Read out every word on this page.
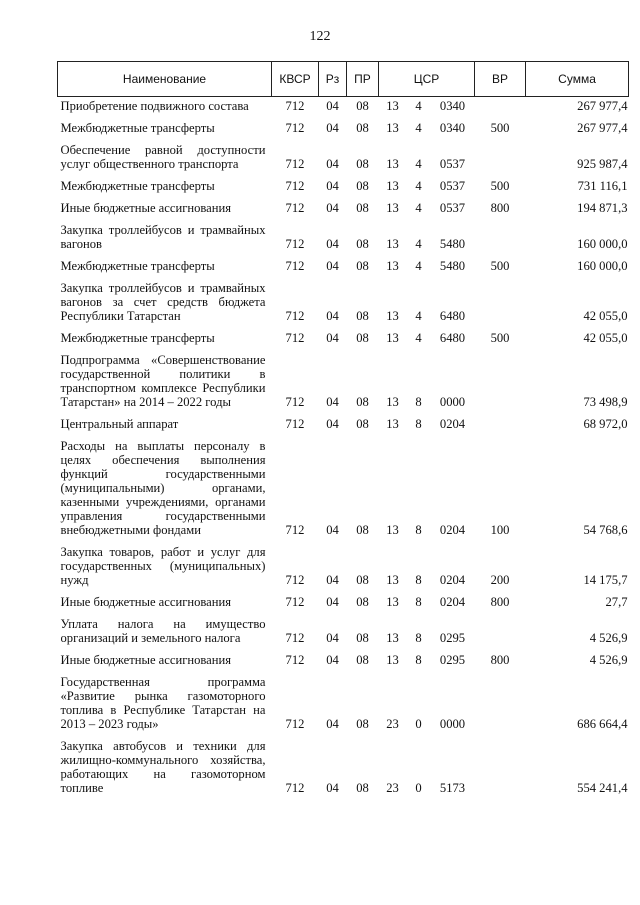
122
Наименование	КВСР	Рз	ПР	ЦСР			ВР	Сумма
Приобретение подвижного состава	712	04	08	13	4	0340		267 977,4
Межбюджетные трансферты	712	04	08	13	4	0340	500	267 977,4
Обеспечение равной доступности услуг общественного транспорта	712	04	08	13	4	0537		925 987,4
Межбюджетные трансферты	712	04	08	13	4	0537	500	731 116,1
Иные бюджетные ассигнования	712	04	08	13	4	0537	800	194 871,3
Закупка троллейбусов и трамвайных вагонов	712	04	08	13	4	5480		160 000,0
Межбюджетные трансферты	712	04	08	13	4	5480	500	160 000,0
Закупка троллейбусов и трамвайных вагонов за счет средств бюджета Республики Татарстан	712	04	08	13	4	6480		42 055,0
Межбюджетные трансферты	712	04	08	13	4	6480	500	42 055,0
Подпрограмма «Совершенствование государственной политики в транспортном комплексе Республики Татарстан» на 2014 – 2022 годы	712	04	08	13	8	0000		73 498,9
Центральный аппарат	712	04	08	13	8	0204		68 972,0
Расходы на выплаты персоналу в целях обеспечения выполнения функций государственными (муниципальными) органами, казенными учреждениями, органами управления государственными внебюджетными фондами	712	04	08	13	8	0204	100	54 768,6
Закупка товаров, работ и услуг для государственных (муниципальных) нужд	712	04	08	13	8	0204	200	14 175,7
Иные бюджетные ассигнования	712	04	08	13	8	0204	800	27,7
Уплата налога на имущество организаций и земельного налога	712	04	08	13	8	0295		4 526,9
Иные бюджетные ассигнования	712	04	08	13	8	0295	800	4 526,9
Государственная программа «Развитие рынка газомоторного топлива в Республике Татарстан на 2013 – 2023 годы»	712	04	08	23	0	0000		686 664,4
Закупка автобусов и техники для жилищно-коммунального хозяйства, работающих на газомоторном топливе	712	04	08	23	0	5173		554 241,4
